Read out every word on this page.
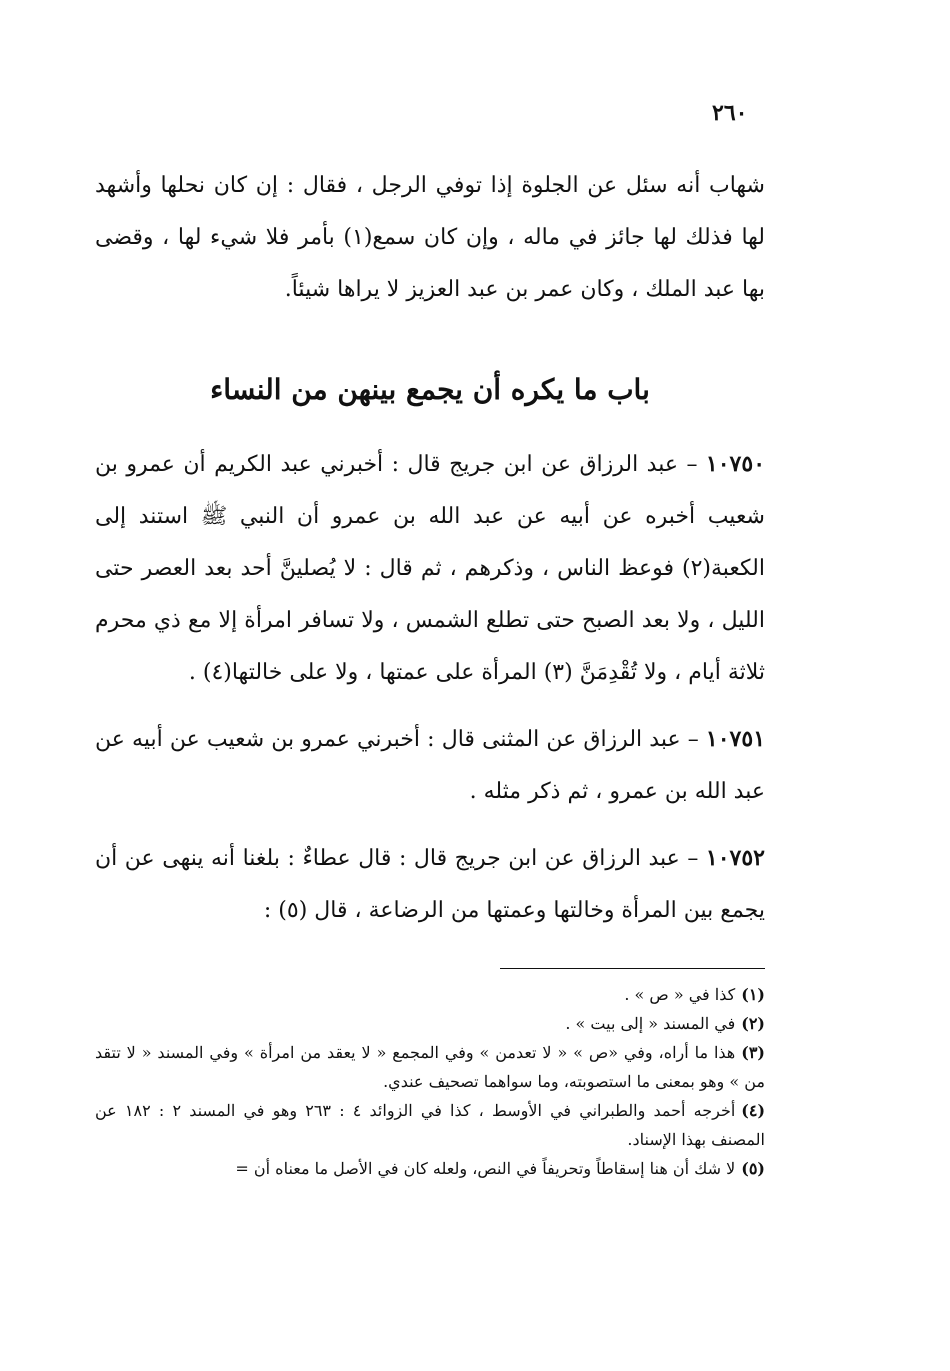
٢٦٠

شهاب أنه سئل عن الجلوة إذا توفي الرجل ، فقال : إن كان نحلها وأشهد لها فذلك لها جائز في ماله ، وإن كان سمع(١) بأمر فلا شيء لها ، وقضى بها عبد الملك ، وكان عمر بن عبد العزيز لا يراها شيئاً.

باب ما يكره أن يجمع بينهن من النساء

١٠٧٥٠ – عبد الرزاق عن ابن جريج قال : أخبرني عبد الكريم أن عمرو بن شعيب أخبره عن أبيه عن عبد الله بن عمرو أن النبي ﷺ استند إلى الكعبة(٢) فوعظ الناس ، وذكرهم ، ثم قال : لا يُصلينَّ أحد بعد العصر حتى الليل ، ولا بعد الصبح حتى تطلع الشمس ، ولا تسافر امرأة إلا مع ذي محرم ثلاثة أيام ، ولا تُقْدِمَنَّ (٣) المرأة على عمتها ، ولا على خالتها(٤) .

١٠٧٥١ – عبد الرزاق عن المثنى قال : أخبرني عمرو بن شعيب عن أبيه عن عبد الله بن عمرو ، ثم ذكر مثله .

١٠٧٥٢ – عبد الرزاق عن ابن جريج قال : قال عطاءٌ : بلغنا أنه ينهى عن أن يجمع بين المرأة وخالتها وعمتها من الرضاعة ، قال (٥) :

(١)كذا في « ص » .

(٢)في المسند « إلى بيت » .

(٣)هذا ما أراه، وفي «ص » « لا تعدمن » وفي المجمع « لا يعقد من امرأة » وفي المسند « لا تتقد من » وهو بمعنى ما استصوبته، وما سواهما تصحيف عندي.

(٤)أخرجه أحمد والطبراني في الأوسط ، كذا في الزوائد ٤ : ٢٦٣ وهو في المسند ٢ : ١٨٢ عن المصنف بهذا الإسناد.

(٥)لا شك أن هنا إسقاطاً وتحريفاً في النص، ولعله كان في الأصل ما معناه أن =
